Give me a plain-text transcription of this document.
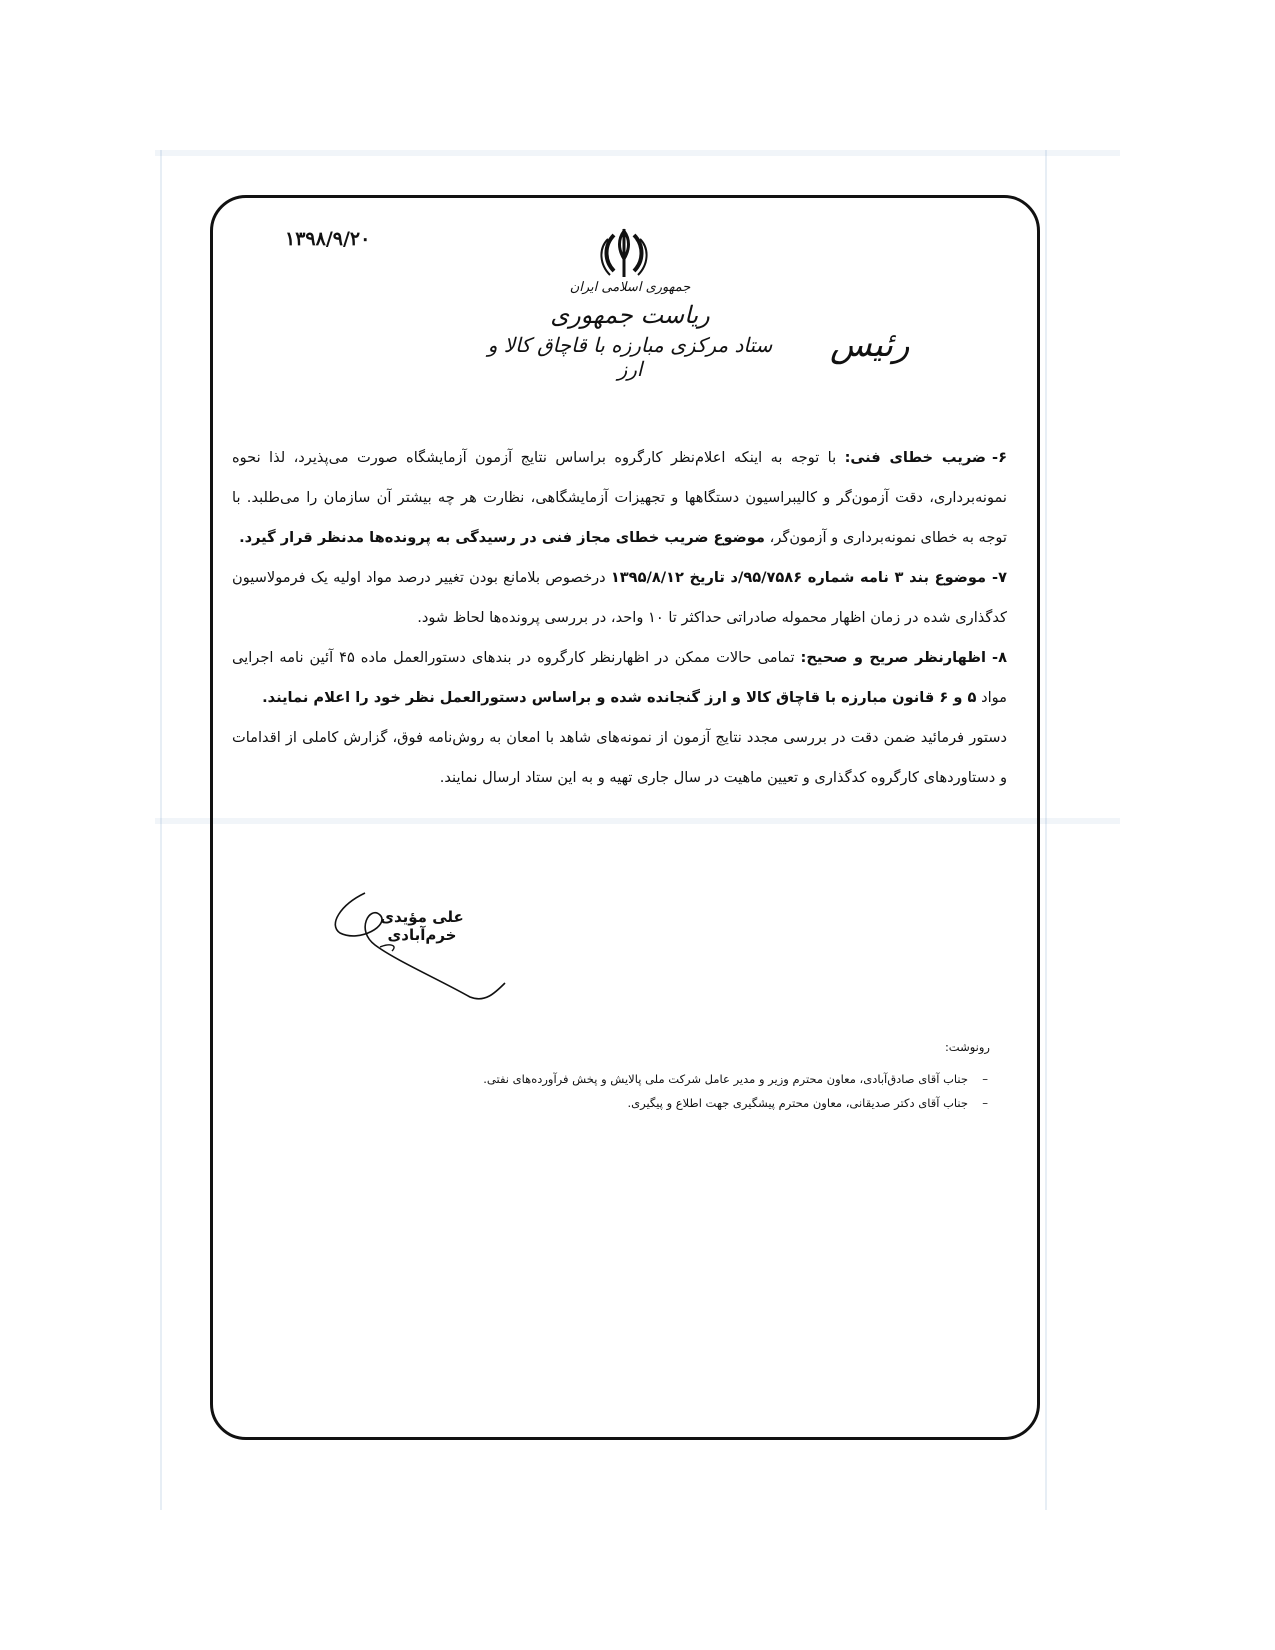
۱۳۹۸/۹/۲۰
جمهوری اسلامی ایران
ریاست جمهوری
ستاد مرکزی مبارزه با قاچاق کالا و ارز
رئیس

۶-ضریب خطای فنی: با توجه به اینکه اعلام‌نظر کارگروه براساس نتایج آزمون آزمایشگاه صورت می‌پذیرد، لذا نحوه نمونه‌برداری، دقت آزمون‌گر و کالیبراسیون دستگاهها و تجهیزات آزمایشگاهی، نظارت هر چه بیشتر آن سازمان را می‌طلبد. با توجه به خطای نمونه‌برداری و آزمون‌گر، موضوع ضریب خطای مجاز فنی در رسیدگی به پرونده‌ها مدنظر قرار گیرد.

۷-موضوع بند ۳ نامه شماره ۹۵/۷۵۸۶/د تاریخ ۱۳۹۵/۸/۱۲ درخصوص بلامانع بودن تغییر درصد مواد اولیه یک فرمولاسیون کدگذاری شده در زمان اظهار محموله صادراتی حداکثر تا ۱۰ واحد، در بررسی پرونده‌ها لحاظ شود.

۸-اظهارنظر صریح و صحیح: تمامی حالات ممکن در اظهارنظر کارگروه در بندهای دستورالعمل ماده ۴۵ آئین نامه اجرایی مواد ۵ و ۶ قانون مبارزه با قاچاق کالا و ارز گنجانده شده و براساس دستورالعمل نظر خود را اعلام نمایند.

دستور فرمائید ضمن دقت در بررسی مجدد نتایج آزمون از نمونه‌های شاهد با امعان به روش‌نامه فوق، گزارش کاملی از اقدامات و دستاوردهای کارگروه کدگذاری و تعیین ماهیت در سال جاری تهیه و به این ستاد ارسال نمایند.

علی مؤیدی خرم‌آبادی
رونوشت:
–
جناب آقای صادق‌آبادی، معاون محترم وزیر و مدیر عامل شرکت ملی پالایش و پخش فرآورده‌های نفتی.
–
جناب آقای دکتر صدیقانی، معاون محترم پیشگیری جهت اطلاع و پیگیری.
